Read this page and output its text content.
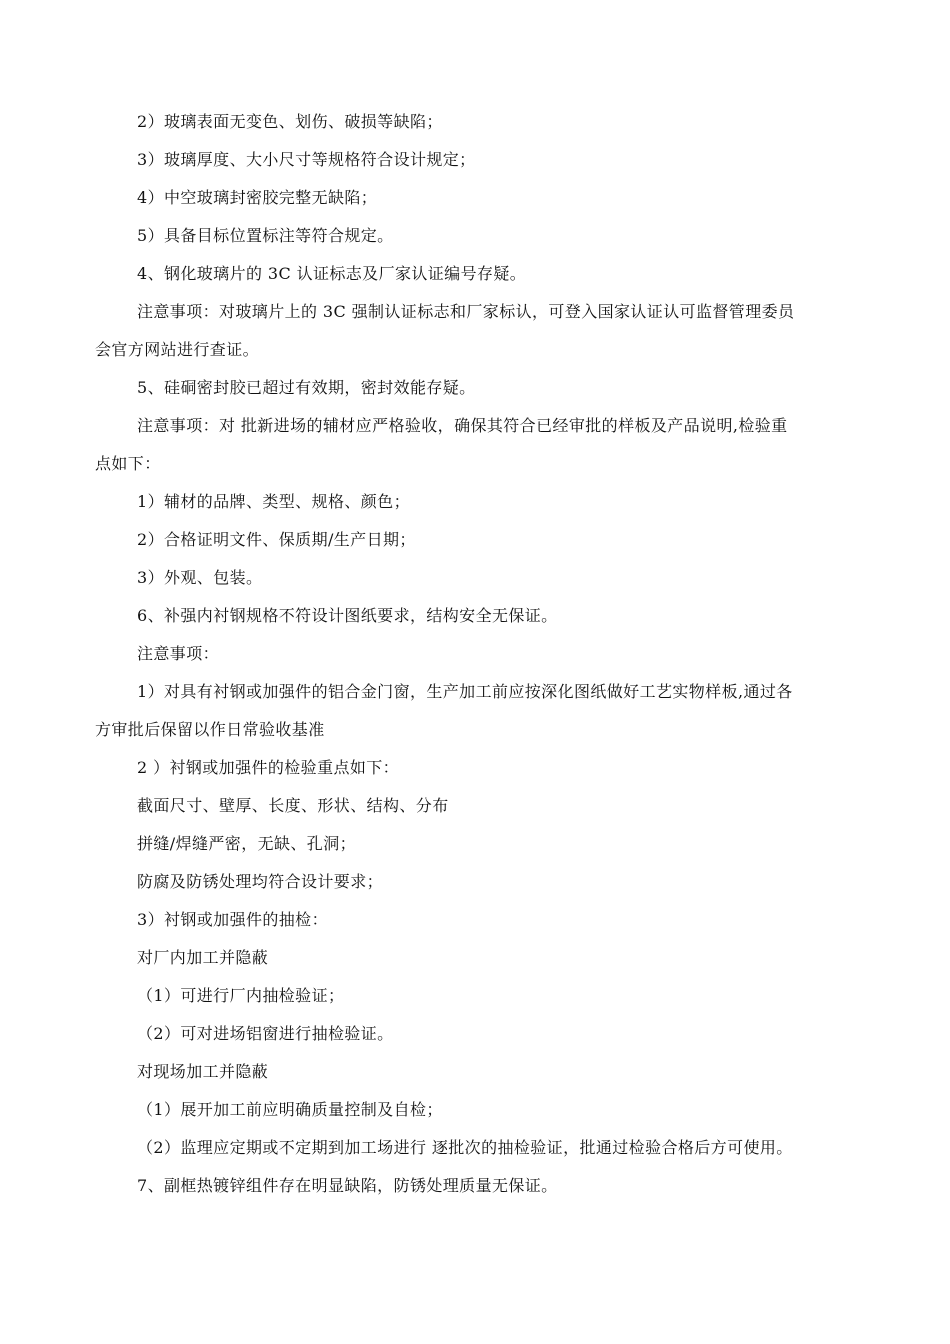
2）玻璃表面无变色、划伤、破损等缺陷；
3）玻璃厚度、大小尺寸等规格符合设计规定；
4）中空玻璃封密胶完整无缺陷；
5）具备目标位置标注等符合规定。
4、钢化玻璃片的 3C 认证标志及厂家认证编号存疑。
注意事项：对玻璃片上的 3C 强制认证标志和厂家标认，可登入国家认证认可监督管理委员
会官方网站进行查证。
5、硅硐密封胶已超过有效期，密封效能存疑。
注意事项：对 批新进场的辅材应严格验收，确保其符合已经审批的样板及产品说明,检验重
点如下：
1）辅材的品牌、类型、规格、颜色；
2）合格证明文件、保质期/生产日期；
3）外观、包装。
6、补强内衬钢规格不符设计图纸要求，结构安全无保证。
注意事项：
1）对具有衬钢或加强件的铝合金门窗，生产加工前应按深化图纸做好工艺实物样板,通过各
方审批后保留以作日常验收基准
2 ）衬钢或加强件的检验重点如下：
截面尺寸、壁厚、长度、形状、结构、分布
拼缝/焊缝严密，无缺、孔洞；
防腐及防锈处理均符合设计要求；
3）衬钢或加强件的抽检：
对厂内加工并隐蔽
（1）可进行厂内抽检验证；
（2）可对进场铝窗进行抽检验证。
对现场加工并隐蔽
（1）展开加工前应明确质量控制及自检；
（2）监理应定期或不定期到加工场进行 逐批次的抽检验证，批通过检验合格后方可使用。
7、副框热镀锌组件存在明显缺陷，防锈处理质量无保证。
